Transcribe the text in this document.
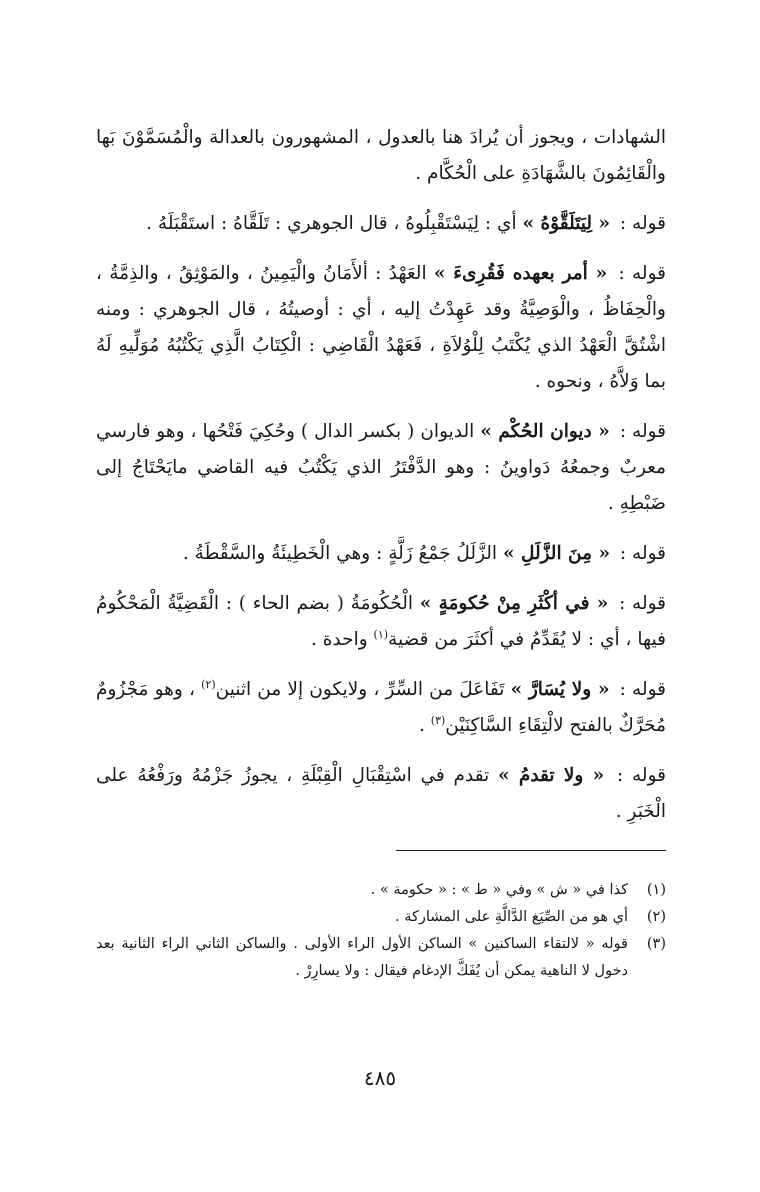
الشهادات ، ويجوز أن يُرادَ هنا بالعدول ، المشهورون بالعدالة والْمُسَمَّوْنَ بَها والْقَائِمُونَ بالشَّهَادَةِ على الْحُكَّام .

قوله : « لِيَتَلَقَّوْهُ » أي : لِيَسْتَقْبِلُوهُ ، قال الجوهري : تَلَقَّاهُ : استَقْبَلَهُ .

قوله : « أمر بعهده فَقُرِىءَ » العَهْدُ : ألأَمَانُ والْيَمِينُ ، والمَوْثِقُ ، والذِمَّةُ ، والْحِفَاظُ ، والْوَصِيَّةُ وقد عَهِدْتُ إليه ، أي : أوصيتُهُ ، قال الجوهري : ومنه اشْتُقَّ الْعَهْدُ الذي يُكْتَبُ لِلْوُلاَةِ ، فَعَهْدُ الْقَاضِي : الْكِتَابُ الَّذِي يَكْتُبُهُ مُوَلِّيهِ لَهُ بما وَلاَّهُ ، ونحوه .

قوله : « ديوان الحُكْم » الديوان ( بكسر الدال ) وحُكِيَ فَتْحُها ، وهو فارسي معربٌ وجمعُهُ دَواوينُ : وهو الدَّفْتَرُ الذي يَكْتُبُ فيه القاضي مايَحْتَاجُ إلى ضَبْطِهِ .

قوله : « مِنَ الزَّلَلِ » الزَّلَلُ جَمْعُ زَلَّةٍ : وهي الْخَطِيئَةُ والسَّقْطَةُ .

قوله : « في أكْثَرِ مِنْ حُكومَةٍ » الْحُكُومَةُ ( بضم الحاء ) : الْقَضِيَّةُ الْمَحْكُومُ فيها ، أي : لا يُقَدِّمُ في أكثَرَ من قضية$^{(١)}$ واحدة .

قوله : « ولا يُسَارَّ » تَفَاعَلَ من السِّرِّ ، ولايكون إلا من اثنين$^{(٢)}$ ، وهو مَجْزُومٌ مُحَرَّكٌ بالفتح لالْتِقَاءِ السَّاكِنَيْن$^{(٣)}$ .

قوله : « ولا تقدمُ » تقدم في اسْتِقْبَالِ الْقِبْلَةِ ، يجوزُ جَزْمُهُ ورَفْعُهُ على الْخَبَرِ .

(١)
كذا في « ش » وفي « ط » : « حكومة » .
(٢)
أي هو من الصِّيَغ الدَّالَّةِ على المشاركة .
(٣)
قوله « لالتقاء الساكنين » الساكن الأول الراء الأولى . والساكن الثاني الراء الثانية بعد دخول لا الناهية يمكن أن يُفَكَّ الإدغام فيقال : ولا يسارِرْ .
٤٨٥
